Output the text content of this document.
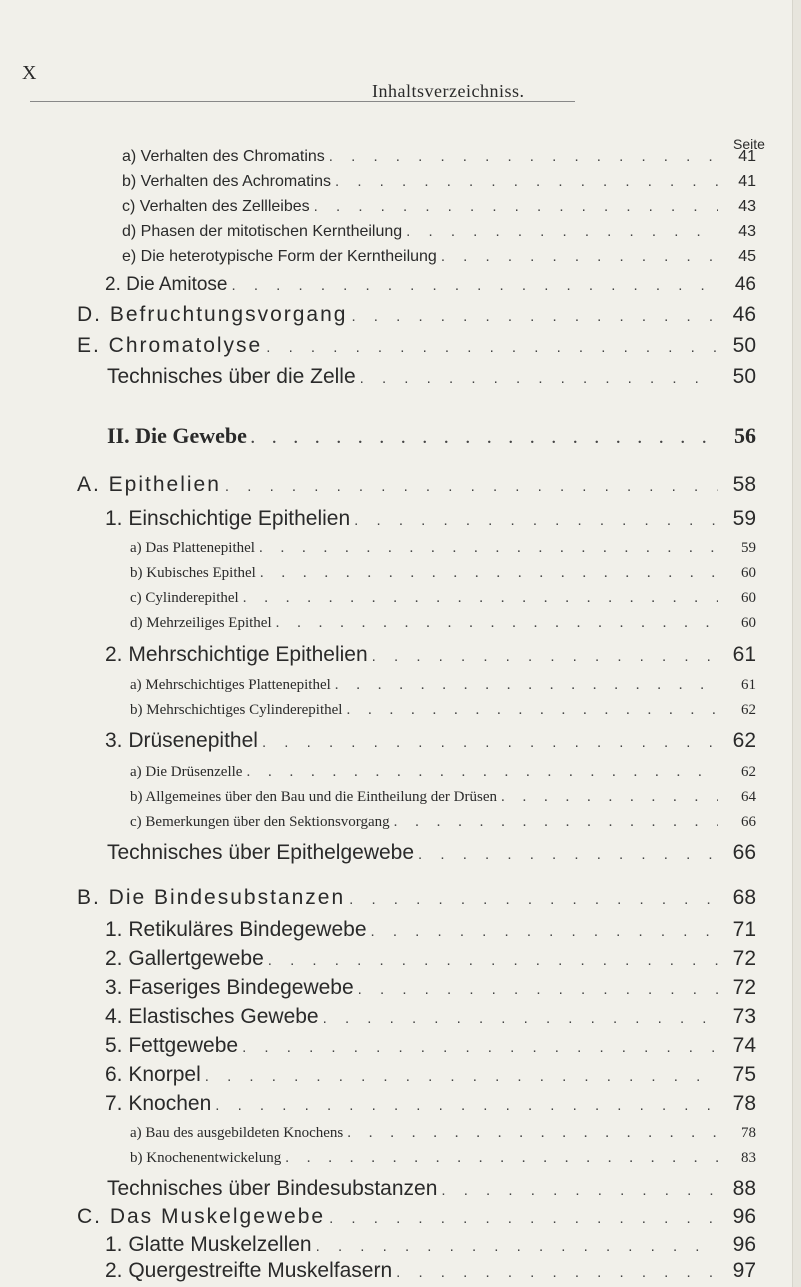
X
Inhaltsverzeichniss.
Seite
a) Verhalten des Chromatins . . .	41
b) Verhalten des Achromatins . . .	41
c) Verhalten des Zellleibes . . .	43
d) Phasen der mitotischen Kerntheilung . . .	43
e) Die heterotypische Form der Kerntheilung . . .	45
2. Die Amitose . . .	46
D. Befruchtungsvorgang . . .	46
E. Chromatolyse . . .	50
Technisches über die Zelle . . .	50
II. Die Gewebe . . .	56
A. Epithelien . . .	58
1. Einschichtige Epithelien . . .	59
a) Das Plattenepithel . . .	59
b) Kubisches Epithel . . .	60
c) Cylinderepithel . . .	60
d) Mehrzeiliges Epithel . . .	60
2. Mehrschichtige Epithelien . . .	61
a) Mehrschichtiges Plattenepithel . . .	61
b) Mehrschichtiges Cylinderepithel . . .	62
3. Drüsenepithel . . .	62
a) Die Drüsenzelle . . .	62
b) Allgemeines über den Bau und die Eintheilung der Drüsen . . .	64
c) Bemerkungen über den Sektionsvorgang . . .	66
Technisches über Epithelgewebe . . .	66
B. Die Bindesubstanzen . . .	68
1. Retikuläres Bindegewebe . . .	71
2. Gallertgewebe . . .	72
3. Faseriges Bindegewebe . . .	72
4. Elastisches Gewebe . . .	73
5. Fettgewebe . . .	74
6. Knorpel . . .	75
7. Knochen . . .	78
a) Bau des ausgebildeten Knochens . . .	78
b) Knochenentwickelung . . .	83
Technisches über Bindesubstanzen . . .	88
C. Das Muskelgewebe . . .	96
1. Glatte Muskelzellen . . .	96
2. Quergestreifte Muskelfasern . . .	97
